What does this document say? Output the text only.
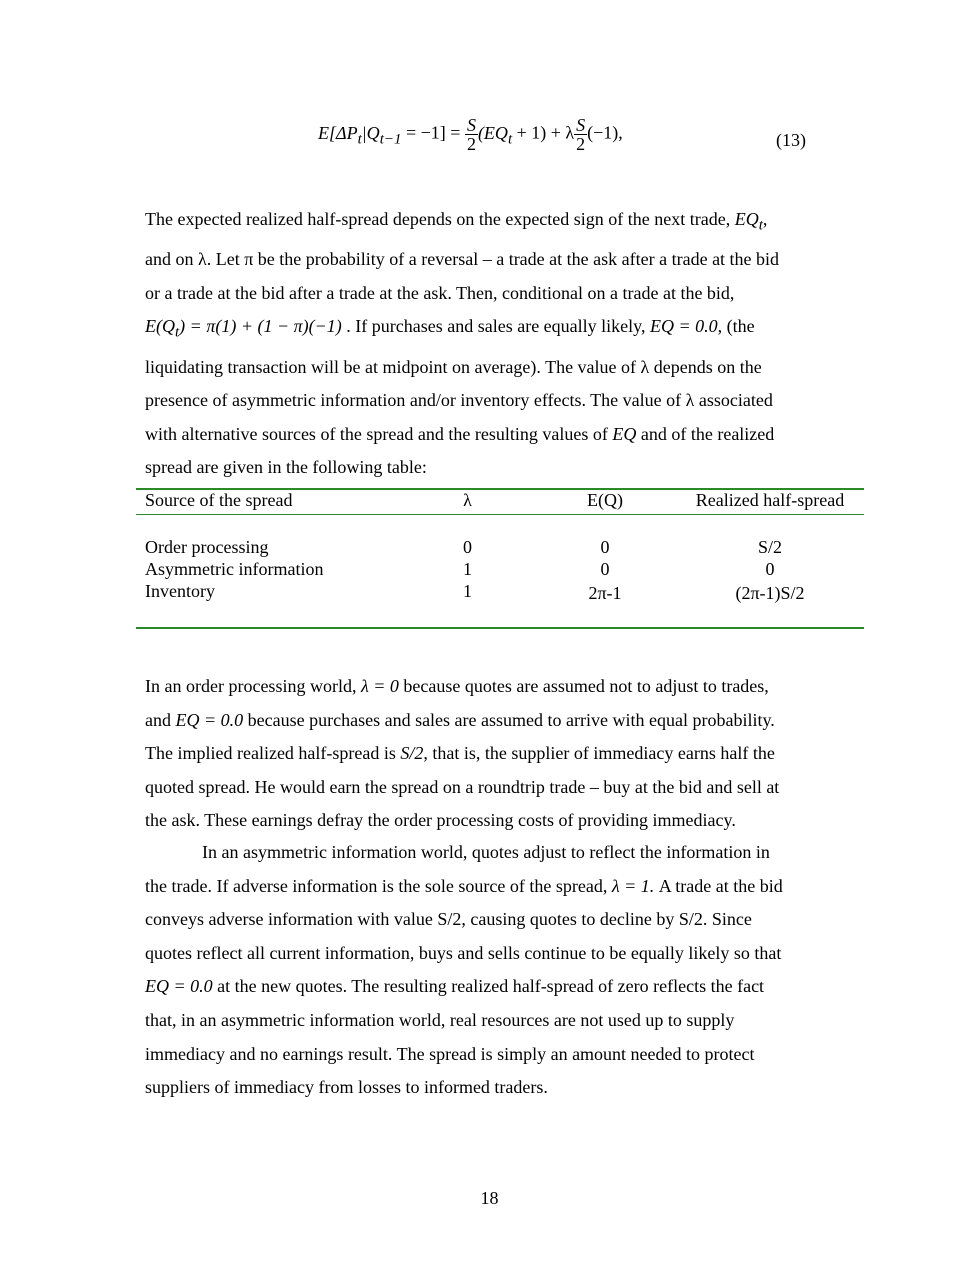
$E[\Delta P_t|Q_{t-1} = -1] = \frac{S}{2} (EQ_t + 1) + \lambda \frac{S}{2} (-1)$,	(13)

The expected realized half-spread depends on the expected sign of the next trade, $EQ_t$,

and on λ. Let π be the probability of a reversal – a trade at the ask after a trade at the bid

or a trade at the bid after a trade at the ask. Then, conditional on a trade at the bid,

$E(Q_t) = \pi(1) + (1 - \pi)(-1)$ . If purchases and sales are equally likely, EQ = 0.0, (the

liquidating transaction will be at midpoint on average). The value of λ depends on the

presence of asymmetric information and/or inventory effects. The value of λ associated

with alternative sources of the spread and the resulting values of EQ and of the realized

spread are given in the following table:

Source of the spread	λ	E(Q)	Realized half-spread
Order processing	0	0	S/2
Asymmetric information	1	0	0
Inventory	1	2π-1	(2π-1)S/2

In an order processing world, λ = 0 because quotes are assumed not to adjust to trades,

and EQ = 0.0 because purchases and sales are assumed to arrive with equal probability.

The implied realized half-spread is S/2, that is, the supplier of immediacy earns half the

quoted spread. He would earn the spread on a roundtrip trade – buy at the bid and sell at

the ask. These earnings defray the order processing costs of providing immediacy.

In an asymmetric information world, quotes adjust to reflect the information in

the trade. If adverse information is the sole source of the spread, λ = 1. A trade at the bid

conveys adverse information with value S/2, causing quotes to decline by S/2. Since

quotes reflect all current information, buys and sells continue to be equally likely so that

EQ = 0.0 at the new quotes. The resulting realized half-spread of zero reflects the fact

that, in an asymmetric information world, real resources are not used up to supply

immediacy and no earnings result. The spread is simply an amount needed to protect

suppliers of immediacy from losses to informed traders.

18
